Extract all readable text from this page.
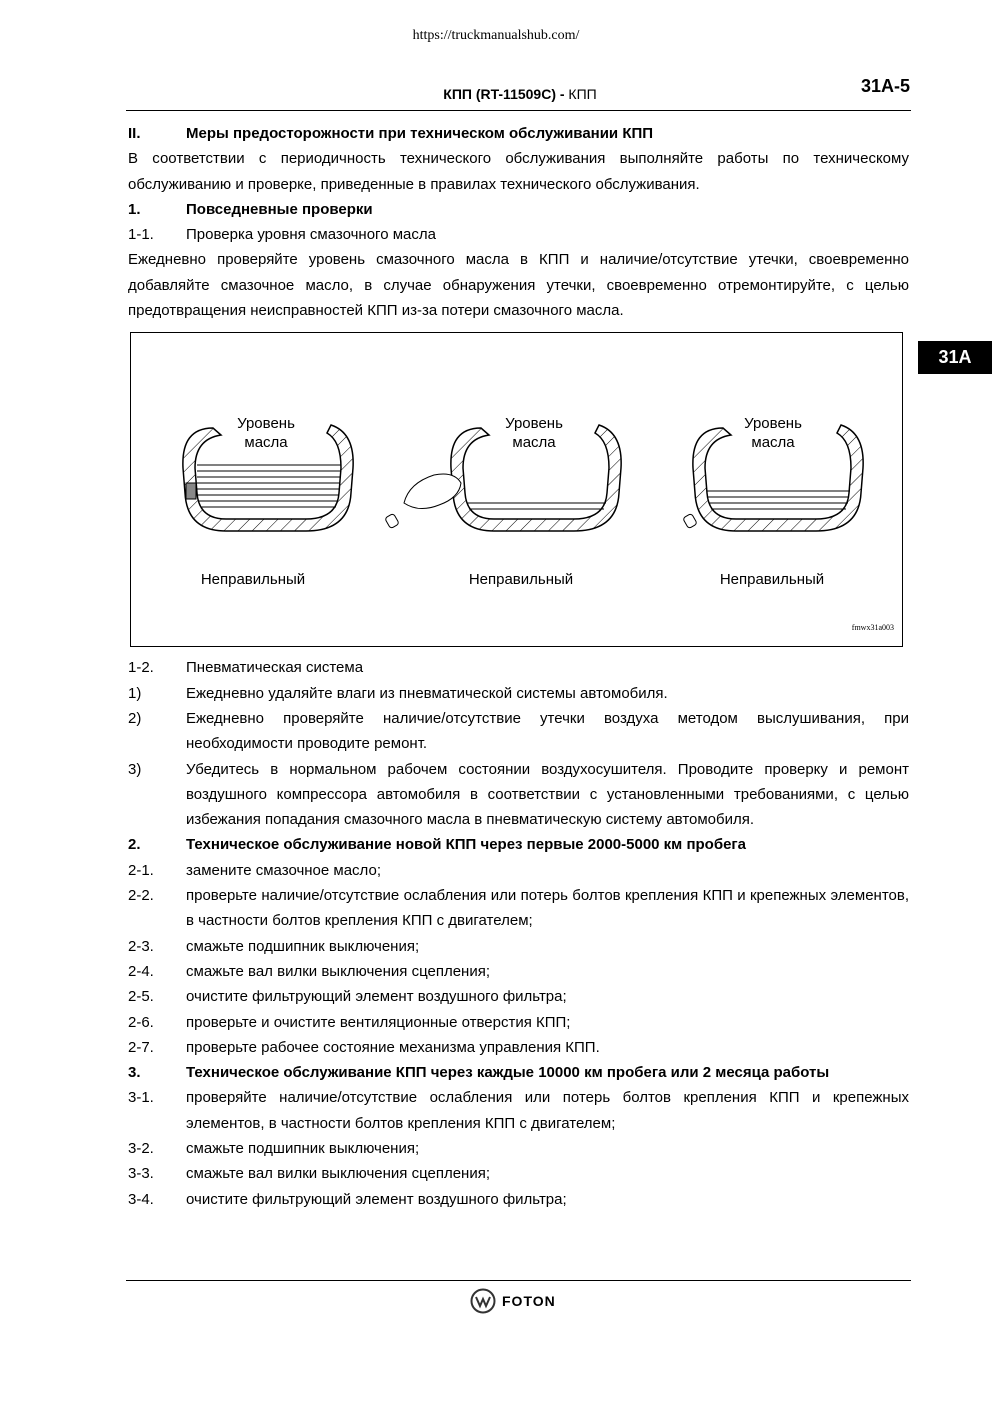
https://truckmanualshub.com/
КПП (RT-11509C) - КПП	31A-5
31A
II.	Меры предосторожности при техническом обслуживании КПП
В соответствии с периодичность технического обслуживания выполняйте работы по техническому обслуживанию и проверке, приведенные в правилах технического обслуживания.
1.	Повседневные проверки
1-1.	Проверка уровня смазочного масла
Ежедневно проверяйте уровень смазочного масла в КПП и наличие/отсутствие утечки, своевременно добавляйте смазочное масло, в случае обнаружения утечки, своевременно отремонтируйте, с целью предотвращения неисправностей КПП из-за потери смазочного масла.
Уровень
масла
Уровень
масла
Уровень
масла
Неправильный	Неправильный	Неправильный
fmwx31a003
1-2.	Пневматическая система
1)	Ежедневно удаляйте влаги из пневматической системы автомобиля.
2)	Ежедневно проверяйте наличие/отсутствие утечки воздуха методом выслушивания, при необходимости проводите ремонт.
3)	Убедитесь в нормальном рабочем состоянии воздухосушителя. Проводите проверку и ремонт воздушного компрессора автомобиля в соответствии с установленными требованиями, с целью избежания попадания смазочного масла в пневматическую систему автомобиля.
2.	Техническое обслуживание новой КПП через первые 2000-5000 км пробега
2-1.	замените смазочное масло;
2-2.	проверьте наличие/отсутствие ослабления или потерь болтов крепления КПП и крепежных элементов, в частности болтов крепления КПП с двигателем;
2-3.	смажьте подшипник выключения;
2-4.	смажьте вал вилки выключения сцепления;
2-5.	очистите фильтрующий элемент воздушного фильтра;
2-6.	проверьте и очистите вентиляционные отверстия КПП;
2-7.	проверьте рабочее состояние механизма управления КПП.
3.	Техническое обслуживание КПП через каждые 10000 км пробега или 2 месяца работы
3-1.	проверяйте наличие/отсутствие ослабления или потерь болтов крепления КПП и крепежных элементов, в частности болтов крепления КПП с двигателем;
3-2.	смажьте подшипник выключения;
3-3.	смажьте вал вилки выключения сцепления;
3-4.	очистите фильтрующий элемент воздушного фильтра;
FOTON
